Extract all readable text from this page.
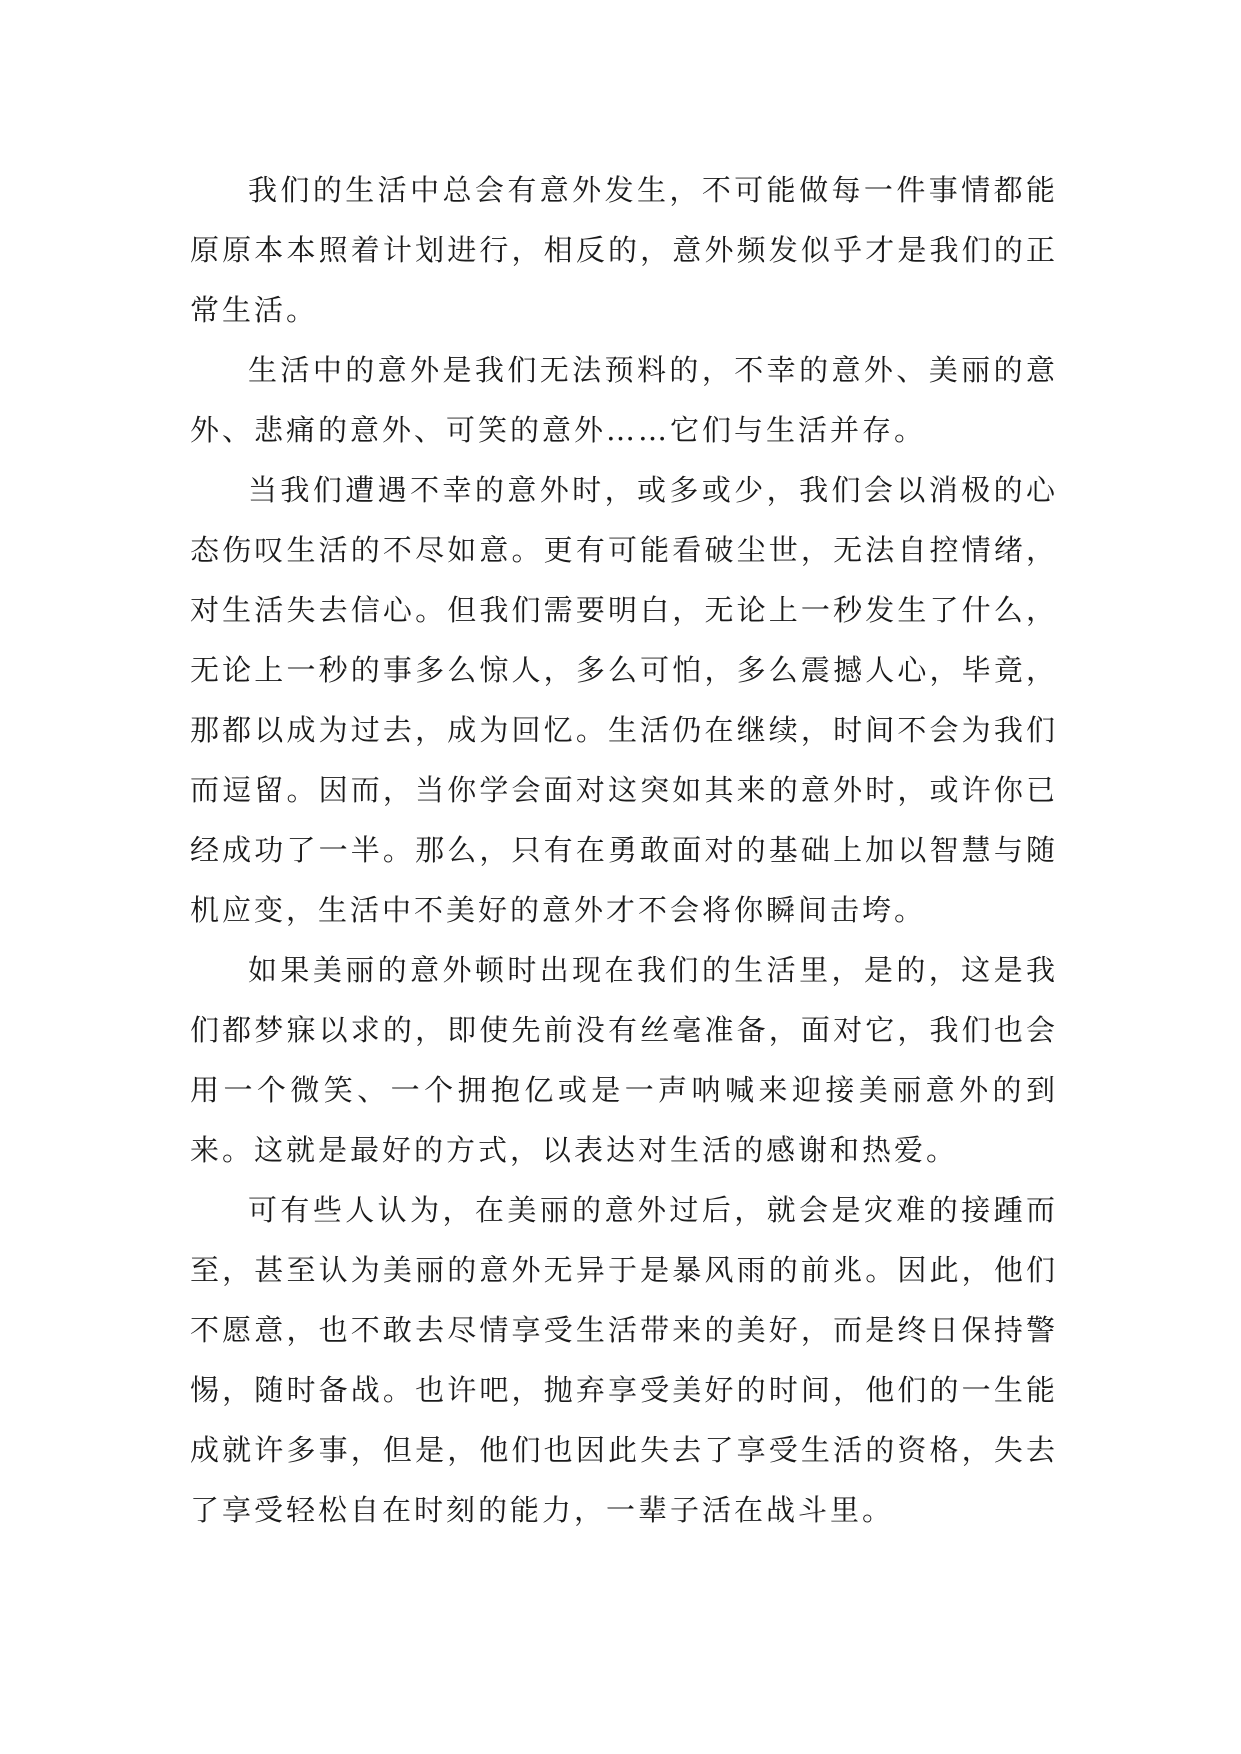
我们的生活中总会有意外发生，不可能做每一件事情都能原原本本照着计划进行，相反的，意外频发似乎才是我们的正常生活。

生活中的意外是我们无法预料的，不幸的意外、美丽的意外、悲痛的意外、可笑的意外……它们与生活并存。

当我们遭遇不幸的意外时，或多或少，我们会以消极的心态伤叹生活的不尽如意。更有可能看破尘世，无法自控情绪，对生活失去信心。但我们需要明白，无论上一秒发生了什么，无论上一秒的事多么惊人，多么可怕，多么震撼人心，毕竟，那都以成为过去，成为回忆。生活仍在继续，时间不会为我们而逗留。因而，当你学会面对这突如其来的意外时，或许你已经成功了一半。那么，只有在勇敢面对的基础上加以智慧与随机应变，生活中不美好的意外才不会将你瞬间击垮。

如果美丽的意外顿时出现在我们的生活里，是的，这是我们都梦寐以求的，即使先前没有丝毫准备，面对它，我们也会用一个微笑、一个拥抱亿或是一声呐喊来迎接美丽意外的到来。这就是最好的方式，以表达对生活的感谢和热爱。

可有些人认为，在美丽的意外过后，就会是灾难的接踵而至，甚至认为美丽的意外无异于是暴风雨的前兆。因此，他们不愿意，也不敢去尽情享受生活带来的美好，而是终日保持警惕，随时备战。也许吧，抛弃享受美好的时间，他们的一生能成就许多事，但是，他们也因此失去了享受生活的资格，失去了享受轻松自在时刻的能力，一辈子活在战斗里。
